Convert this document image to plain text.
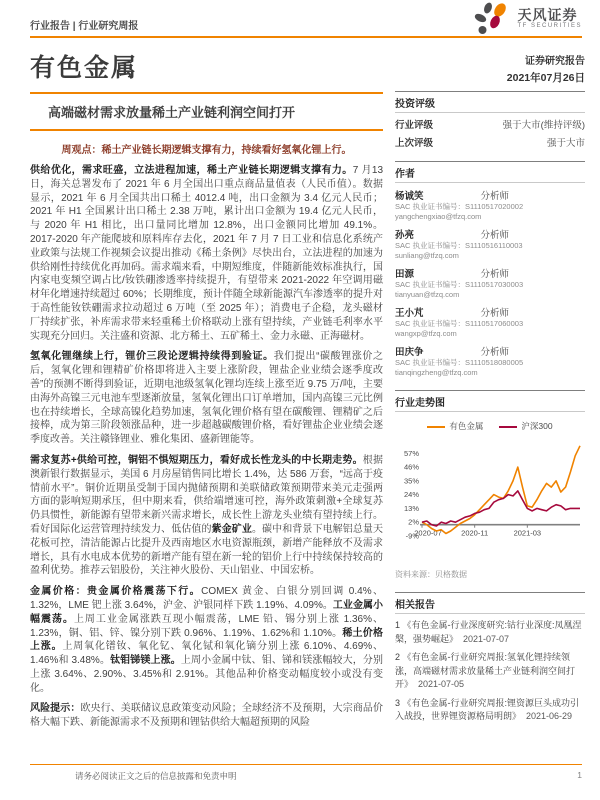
行业报告 | 行业研究周报
天风证券
TF SECURITIES
有色金属
高端磁材需求放量稀土产业链利润空间打开
周观点：稀土产业链长期逻辑支撑有力，持续看好氢氧化锂上行。

供给优化，需求旺盛，立法进程加速，稀土产业链长期逻辑支撑有力。7 月13 日，海关总署发布了 2021 年 6 月全国出口重点商品量值表（人民币值）。数据显示，2021 年 6 月全国共出口稀土 4012.4 吨，出口金额为 3.4 亿元人民币；2021 年 H1 全国累计出口稀土 2.38 万吨，累计出口金额为 19.4 亿元人民币，与 2020 年 H1 相比，出口量同比增加 12.8%，出口金额同比增加 49.1%。2017-2020 年产能爬坡和原料库存去化，2021 年 7 月 7 日工业和信息化系统产业政策与法规工作视频会议提出推动《稀土条例》尽快出台，立法进程的加速为供给刚性持续优化再加码。需求端来看，中期短维度，伴随新能效标准执行，国内家电变频空调占比/钕铁硼渗透率持续提升，有望带来 2021-2022 年空调用磁材年化增速持续超过 60%；长期维度，预计伴随全球新能源汽车渗透率的提升对于高性能钕铁硼需求拉动超过 6 万吨（至 2025 年）；消费电子企稳，龙头磁材厂持续扩张，补库需求带来轻重稀土价格联动上涨有望持续，产业链毛利率水平实现充分回归。关注盛和资源、北方稀土、五矿稀土、金力永磁、正海磁材。

氢氧化锂继续上行，锂价三段论逻辑持续得到验证。我们提出“碳酸锂涨价之后，氢氧化锂和锂精矿价格即将进入主要上涨阶段，锂盐企业业绩会逐季度改善”的预测不断得到验证，近期电池级氢氧化锂均连续上涨至近 9.75 万/吨，主要由海外高镍三元电池车型逐渐放量，氢氧化锂出口订单增加，国内高镍三元比例也在持续增长，全球高镍化趋势加速，氢氧化锂价格有望在碳酸锂、锂精矿之后接棒，成为第三阶段领涨品种，进一步超越碳酸锂价格，看好锂盐企业业绩会逐季度改善。关注赣锋锂业、雅化集团、盛新锂能等。

需求复苏+供给可控，铜铝不惧短期压力，看好成长性龙头的中长期走势。根据澳新银行数据显示，美国 6 月房屋销售同比增长 1.4%，达 586 万套，“远高于疫情前水平”。铜价近期虽受制于国内抛储预期和美联储政策预期带来美元走强两方面的影响短期承压，但中期来看，供给端增速可控，海外政策刺激+全球复苏仍具惯性，新能源有望带来新兴需求增长，成长性上游龙头业绩有望持续上行。看好国际化运营管理持续发力、低估值的紫金矿业。碳中和背景下电解铝总量天花板可控，清洁能源占比提升及西南地区水电资源瓶颈，新增产能释放不及需求增长，具有水电成本优势的新增产能有望在新一轮的铝价上行中持续保持较高的盈利优势。推荐云铝股份，关注神火股份、天山铝业、中国宏桥。

金属价格：贵金属价格震荡下行。COMEX 黄金、白银分别回调 0.4%、1.32%，LME 钯上涨 3.64%，沪金、沪银同样下跌 1.19%、4.09%。工业金属小幅震荡。上周工业金属涨跌互现小幅震荡，LME 铅、锡分别上涨 1.36%、1.23%，铜、铝、锌、镍分别下跌 0.96%、1.19%、1.62%和 1.10%。稀土价格上涨。上周氧化镨钕、氧化钇、氧化铽和氧化镝分别上涨 6.10%、4.69%、1.46%和 3.48%。钛钼锑镁上涨。上周小金属中钛、钼、锑和镁涨幅较大，分别上涨 3.64%、2.90%、3.45%和 2.91%。其他品种价格变动幅度较小或没有变化。

风险提示：欧央行、美联储议息政策变动风险；全球经济不及预期，大宗商品价格大幅下跌、新能源需求不及预期和锂钴供给大幅超预期的风险

证券研究报告
2021年07月26日
投资评级
行业评级	强于大市(维持评级)
上次评级	强于大市
作者
杨诚笑	分析师
SAC 执业证书编号：S1110517020002
yangchengxiao@tfzq.com
孙亮	分析师
SAC 执业证书编号：S1110516110003
sunliang@tfzq.com
田源	分析师
SAC 执业证书编号：S1110517030003
tianyuan@tfzq.com
王小芃	分析师
SAC 执业证书编号：S1110517060003
wangxp@tfzq.com
田庆争	分析师
SAC 执业证书编号：S1110518080005
tianqingzheng@tfzq.com
行业走势图
有色金属	沪深300
57%
46%
35%
24%
13%
2%
-9%
2020-07	2020-11	2021-03
资料来源：贝格数据
相关报告
1 《有色金属-行业深度研究:钴行业深度:凤凰涅槃，强势崛起》  2021-07-07
2 《有色金属-行业研究周报:氢氧化锂持续领涨，高端磁材需求放量稀土产业链利润空间打开》  2021-07-05
3 《有色金属-行业研究周报:锂资源巨头成功引入战投，世界锂资源格局明朗》  2021-06-29
请务必阅读正文之后的信息披露和免责申明	1
